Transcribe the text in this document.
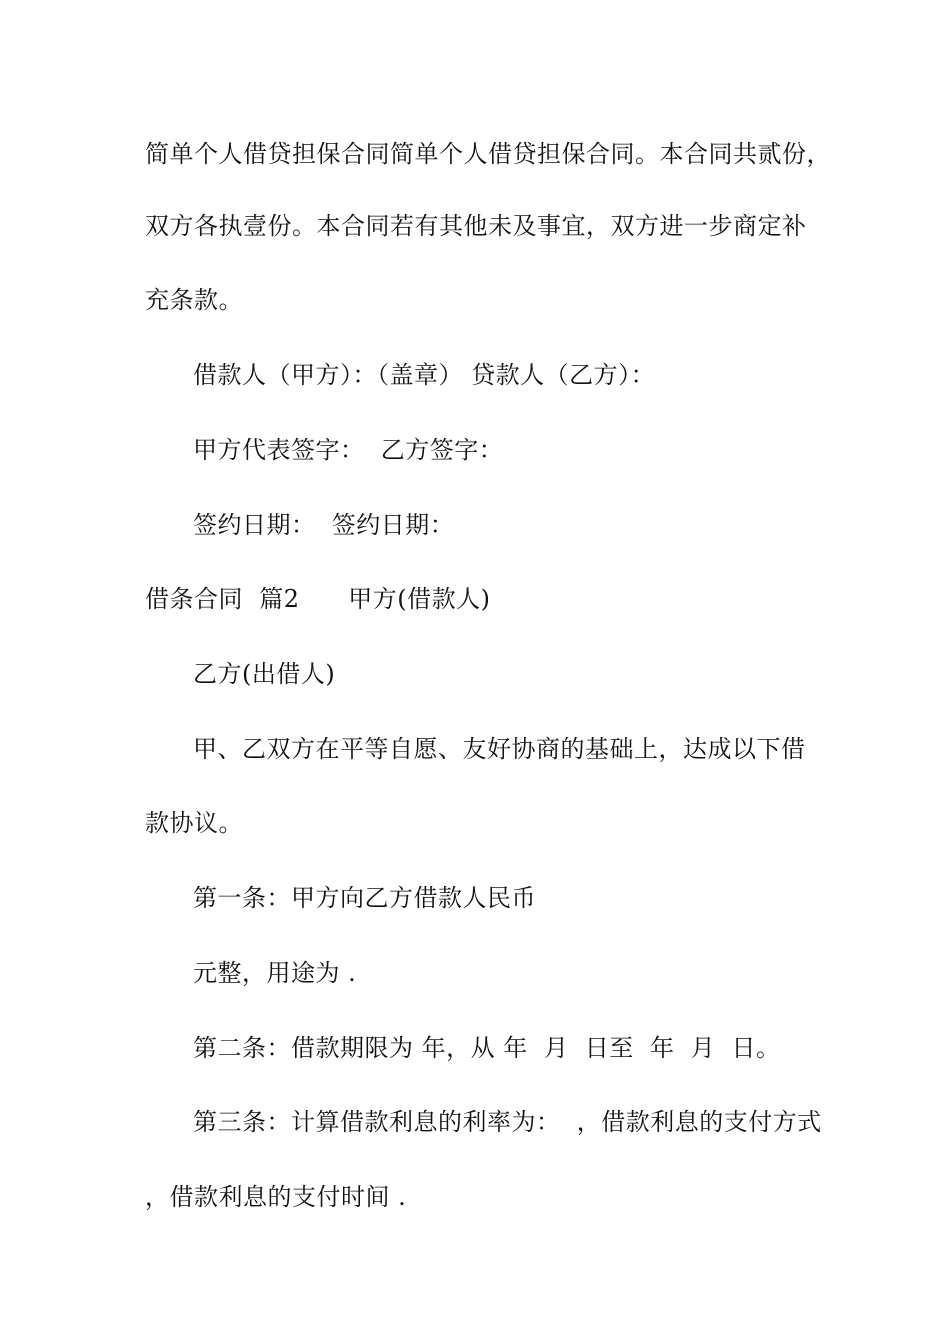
简单个人借贷担保合同简单个人借贷担保合同。本合同共贰份，
双方各执壹份。本合同若有其他未及事宜，双方进一步商定补
充条款。
借款人（甲方）：（盖章） 贷款人（乙方）：
甲方代表签字：  乙方签字：
签约日期：  签约日期：
借条合同  篇2      甲方(借款人)
乙方(出借人)
甲、乙双方在平等自愿、友好协商的基础上，达成以下借
款协议。
第一条：甲方向乙方借款人民币
元整，用途为 .
第二条：借款期限为 年，从 年  月  日至  年  月  日。
第三条：计算借款利息的利率为：  ，借款利息的支付方式
，借款利息的支付时间 .
